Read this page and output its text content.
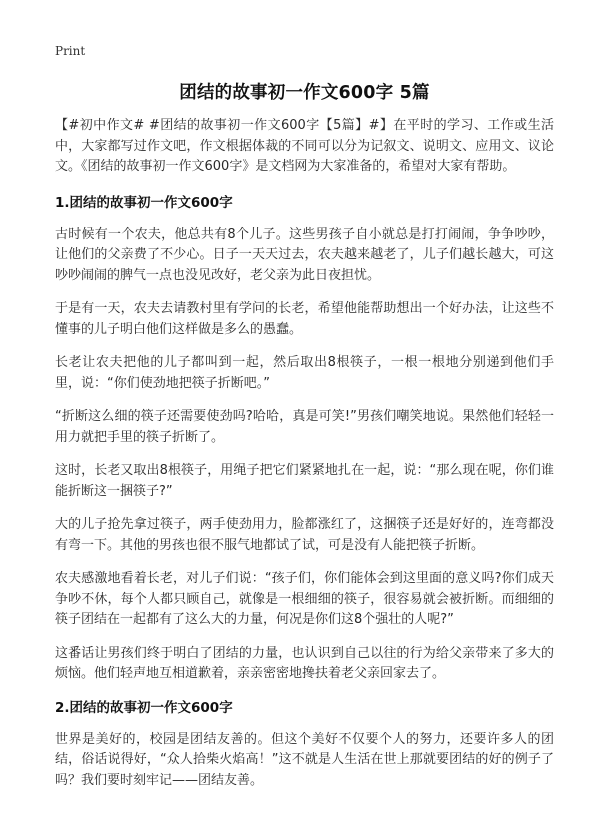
Print
团结的故事初一作文600字 5篇

【#初中作文# #团结的故事初一作文600字【5篇】#】在平时的学习、工作或生活中，大家都写过作文吧，作文根据体裁的不同可以分为记叙文、说明文、应用文、议论文。《团结的故事初一作文600字》是文档网为大家准备的，希望对大家有帮助。

1.团结的故事初一作文600字

古时候有一个农夫，他总共有8个儿子。这些男孩子自小就总是打打闹闹，争争吵吵，让他们的父亲费了不少心。日子一天天过去，农夫越来越老了，儿子们越长越大，可这吵吵闹闹的脾气一点也没见改好，老父亲为此日夜担忧。

于是有一天，农夫去请教村里有学问的长老，希望他能帮助想出一个好办法，让这些不懂事的儿子明白他们这样做是多么的愚蠢。

长老让农夫把他的儿子都叫到一起，然后取出8根筷子，一根一根地分别递到他们手里，说：“你们使劲地把筷子折断吧。”

“折断这么细的筷子还需要使劲吗?哈哈，真是可笑!”男孩们嘲笑地说。果然他们轻轻一用力就把手里的筷子折断了。

这时，长老又取出8根筷子，用绳子把它们紧紧地扎在一起，说：“那么现在呢，你们谁能折断这一捆筷子?”

大的儿子抢先拿过筷子，两手使劲用力，脸都涨红了，这捆筷子还是好好的，连弯都没有弯一下。其他的男孩也很不服气地都试了试，可是没有人能把筷子折断。

农夫感激地看着长老，对儿子们说：“孩子们，你们能体会到这里面的意义吗?你们成天争吵不休，每个人都只顾自己，就像是一根细细的筷子，很容易就会被折断。而细细的筷子团结在一起都有了这么大的力量，何况是你们这8个强壮的人呢?”

这番话让男孩们终于明白了团结的力量，也认识到自己以往的行为给父亲带来了多大的烦恼。他们轻声地互相道歉着，亲亲密密地搀扶着老父亲回家去了。

2.团结的故事初一作文600字

世界是美好的，校园是团结友善的。但这个美好不仅要个人的努力，还要许多人的团结，俗话说得好，“众人拾柴火焰高！”这不就是人生活在世上那就要团结的好的例子了吗？我们要时刻牢记——团结友善。
